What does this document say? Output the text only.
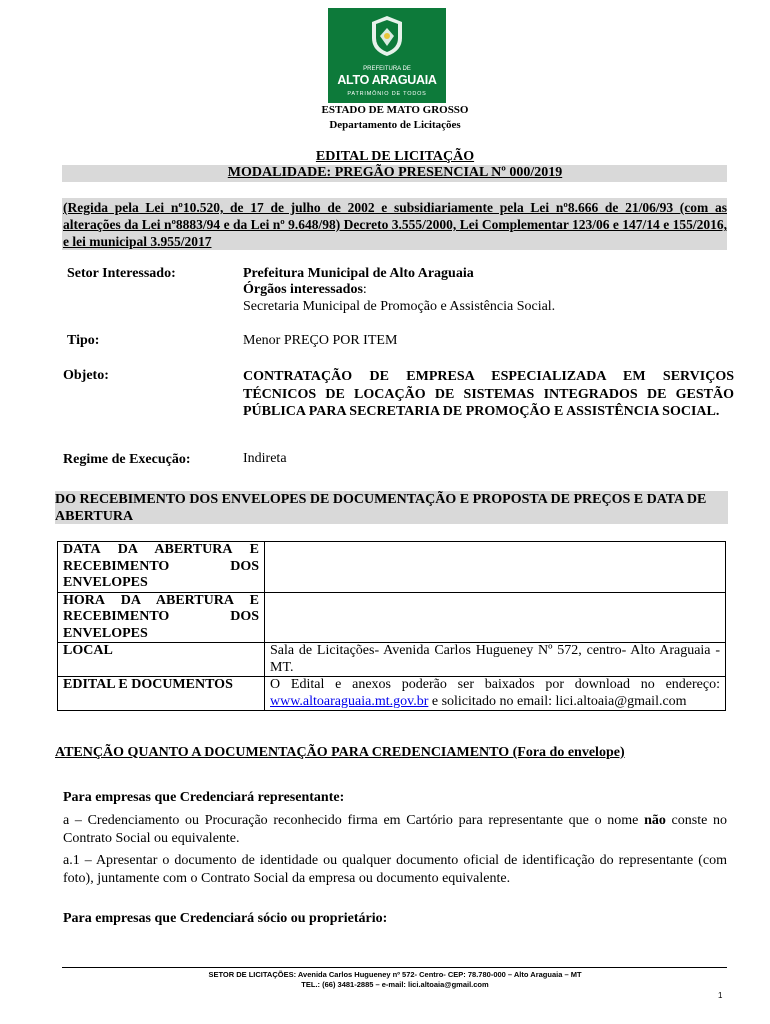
PREFEITURA DE
ALTO ARAGUAIA
PATRIMÔNIO DE TODOS
ESTADO DE MATO GROSSO
Departamento de Licitações
EDITAL DE LICITAÇÃO
MODALIDADE: PREGÃO PRESENCIAL Nº 000/2019
(Regida pela Lei nº10.520, de 17 de julho de 2002 e subsidiariamente pela Lei nº8.666 de 21/06/93 (com as alterações da Lei nº8883/94 e da Lei nº 9.648/98) Decreto 3.555/2000, Lei Complementar 123/06 e 147/14 e 155/2016, e lei municipal 3.955/2017
Setor Interessado:	Prefeitura Municipal de Alto Araguaia
Órgãos interessados:
Secretaria Municipal de Promoção e Assistência Social.
Tipo:	Menor PREÇO POR ITEM
Objeto:	CONTRATAÇÃO DE EMPRESA ESPECIALIZADA EM SERVIÇOS TÉCNICOS DE LOCAÇÃO DE SISTEMAS INTEGRADOS DE GESTÃO PÚBLICA PARA SECRETARIA DE PROMOÇÃO E ASSISTÊNCIA SOCIAL.
Regime de Execução:	Indireta
DO RECEBIMENTO DOS ENVELOPES DE DOCUMENTAÇÃO E PROPOSTA DE PREÇOS E DATA DE ABERTURA
DATA DA ABERTURA E RECEBIMENTO DOS ENVELOPES	
HORA DA ABERTURA E RECEBIMENTO DOS ENVELOPES	
LOCAL	Sala de Licitações- Avenida Carlos Hugueney Nº 572, centro- Alto Araguaia - MT.
EDITAL E DOCUMENTOS	O Edital e anexos poderão ser baixados por download no endereço: www.altoaraguaia.mt.gov.br e solicitado no email: lici.altoaia@gmail.com
ATENÇÃO QUANTO A DOCUMENTAÇÃO PARA CREDENCIAMENTO (Fora do envelope)
Para empresas que Credenciará representante:
a – Credenciamento ou Procuração reconhecido firma em Cartório para representante que o nome não conste no Contrato Social ou equivalente.
a.1 – Apresentar o documento de identidade ou qualquer documento oficial de identificação do representante (com foto), juntamente com o Contrato Social da empresa ou documento equivalente.
Para empresas que Credenciará sócio ou proprietário:
SETOR DE LICITAÇÕES: Avenida Carlos Hugueney nº 572- Centro- CEP: 78.780-000 – Alto Araguaia – MT
TEL.: (66) 3481-2885 – e-mail: lici.altoaia@gmail.com
1
